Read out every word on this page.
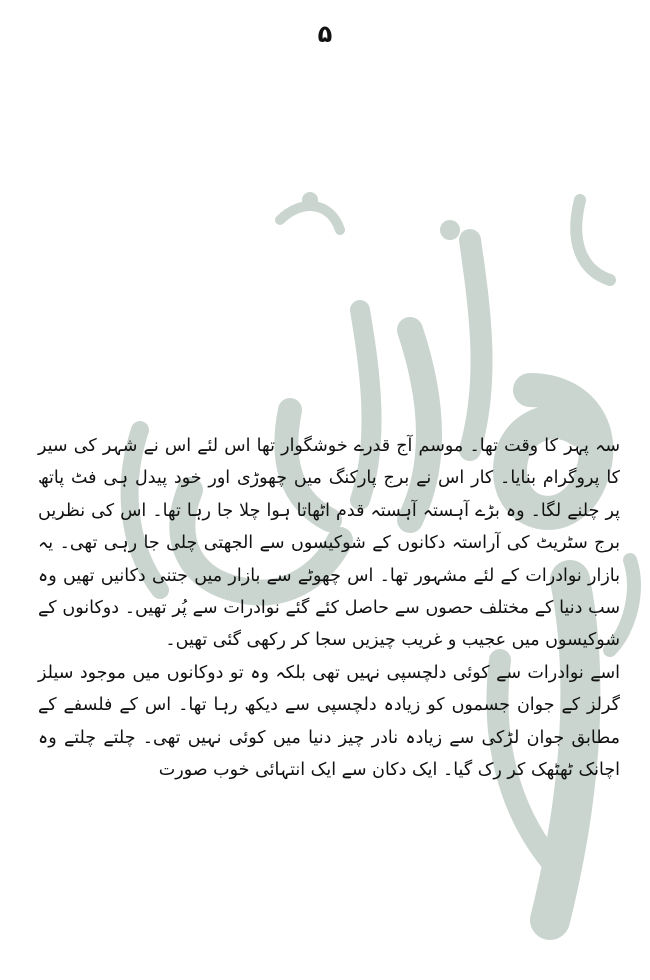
۵

سہ پہر کا وقت تھا۔ موسم آج قدرے خوشگوار تھا اس لئے اس نے شہر کی سیر کا پروگرام بنایا۔ کار اس نے برج پارکنگ میں چھوڑی اور خود پیدل ہی فٹ پاتھ پر چلنے لگا۔ وہ بڑے آہستہ آہستہ قدم اٹھاتا ہوا چلا جا رہا تھا۔ اس کی نظریں برج سٹریٹ کی آراستہ دکانوں کے شوکیسوں سے الجھتی چلی جا رہی تھی۔ یہ بازار نوادرات کے لئے مشہور تھا۔ اس چھوٹے سے بازار میں جتنی دکانیں تھیں وہ سب دنیا کے مختلف حصوں سے حاصل کئے گئے نوادرات سے پُر تھیں۔ دوکانوں کے شوکیسوں میں عجیب و غریب چیزیں سجا کر رکھی گئی تھیں۔

اسے نوادرات سے کوئی دلچسپی نہیں تھی بلکہ وہ تو دوکانوں میں موجود سیلز گرلز کے جوان جسموں کو زیادہ دلچسپی سے دیکھ رہا تھا۔ اس کے فلسفے کے مطابق جوان لڑکی سے زیادہ نادر چیز دنیا میں کوئی نہیں تھی۔ چلتے چلتے وہ اچانک ٹھٹھک کر رک گیا۔ ایک دکان سے ایک انتہائی خوب صورت
